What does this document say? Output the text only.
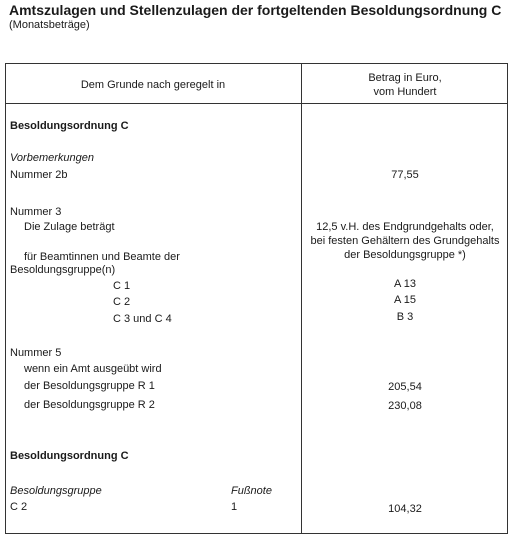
Amtszulagen und Stellenzulagen der fortgeltenden Besoldungsordnung C
(Monatsbeträge)
Dem Grunde nach geregelt in
Betrag in Euro,
vom Hundert
Besoldungsordnung C
Vorbemerkungen
Nummer 2b	77,55
Nummer 3
Die Zulage beträgt	12,5 v.H. des Endgrundgehalts oder,
bei festen Gehältern des Grundgehalts
der Besoldungsgruppe *)
für Beamtinnen und Beamte der
Besoldungsgruppe(n)
C 1	A 13
C 2	A 15
C 3 und C 4	B 3
Nummer 5
wenn ein Amt ausgeübt wird
der Besoldungsgruppe R 1	205,54
der Besoldungsgruppe R 2	230,08
Besoldungsordnung C
Besoldungsgruppe	Fußnote
C 2	1	104,32
